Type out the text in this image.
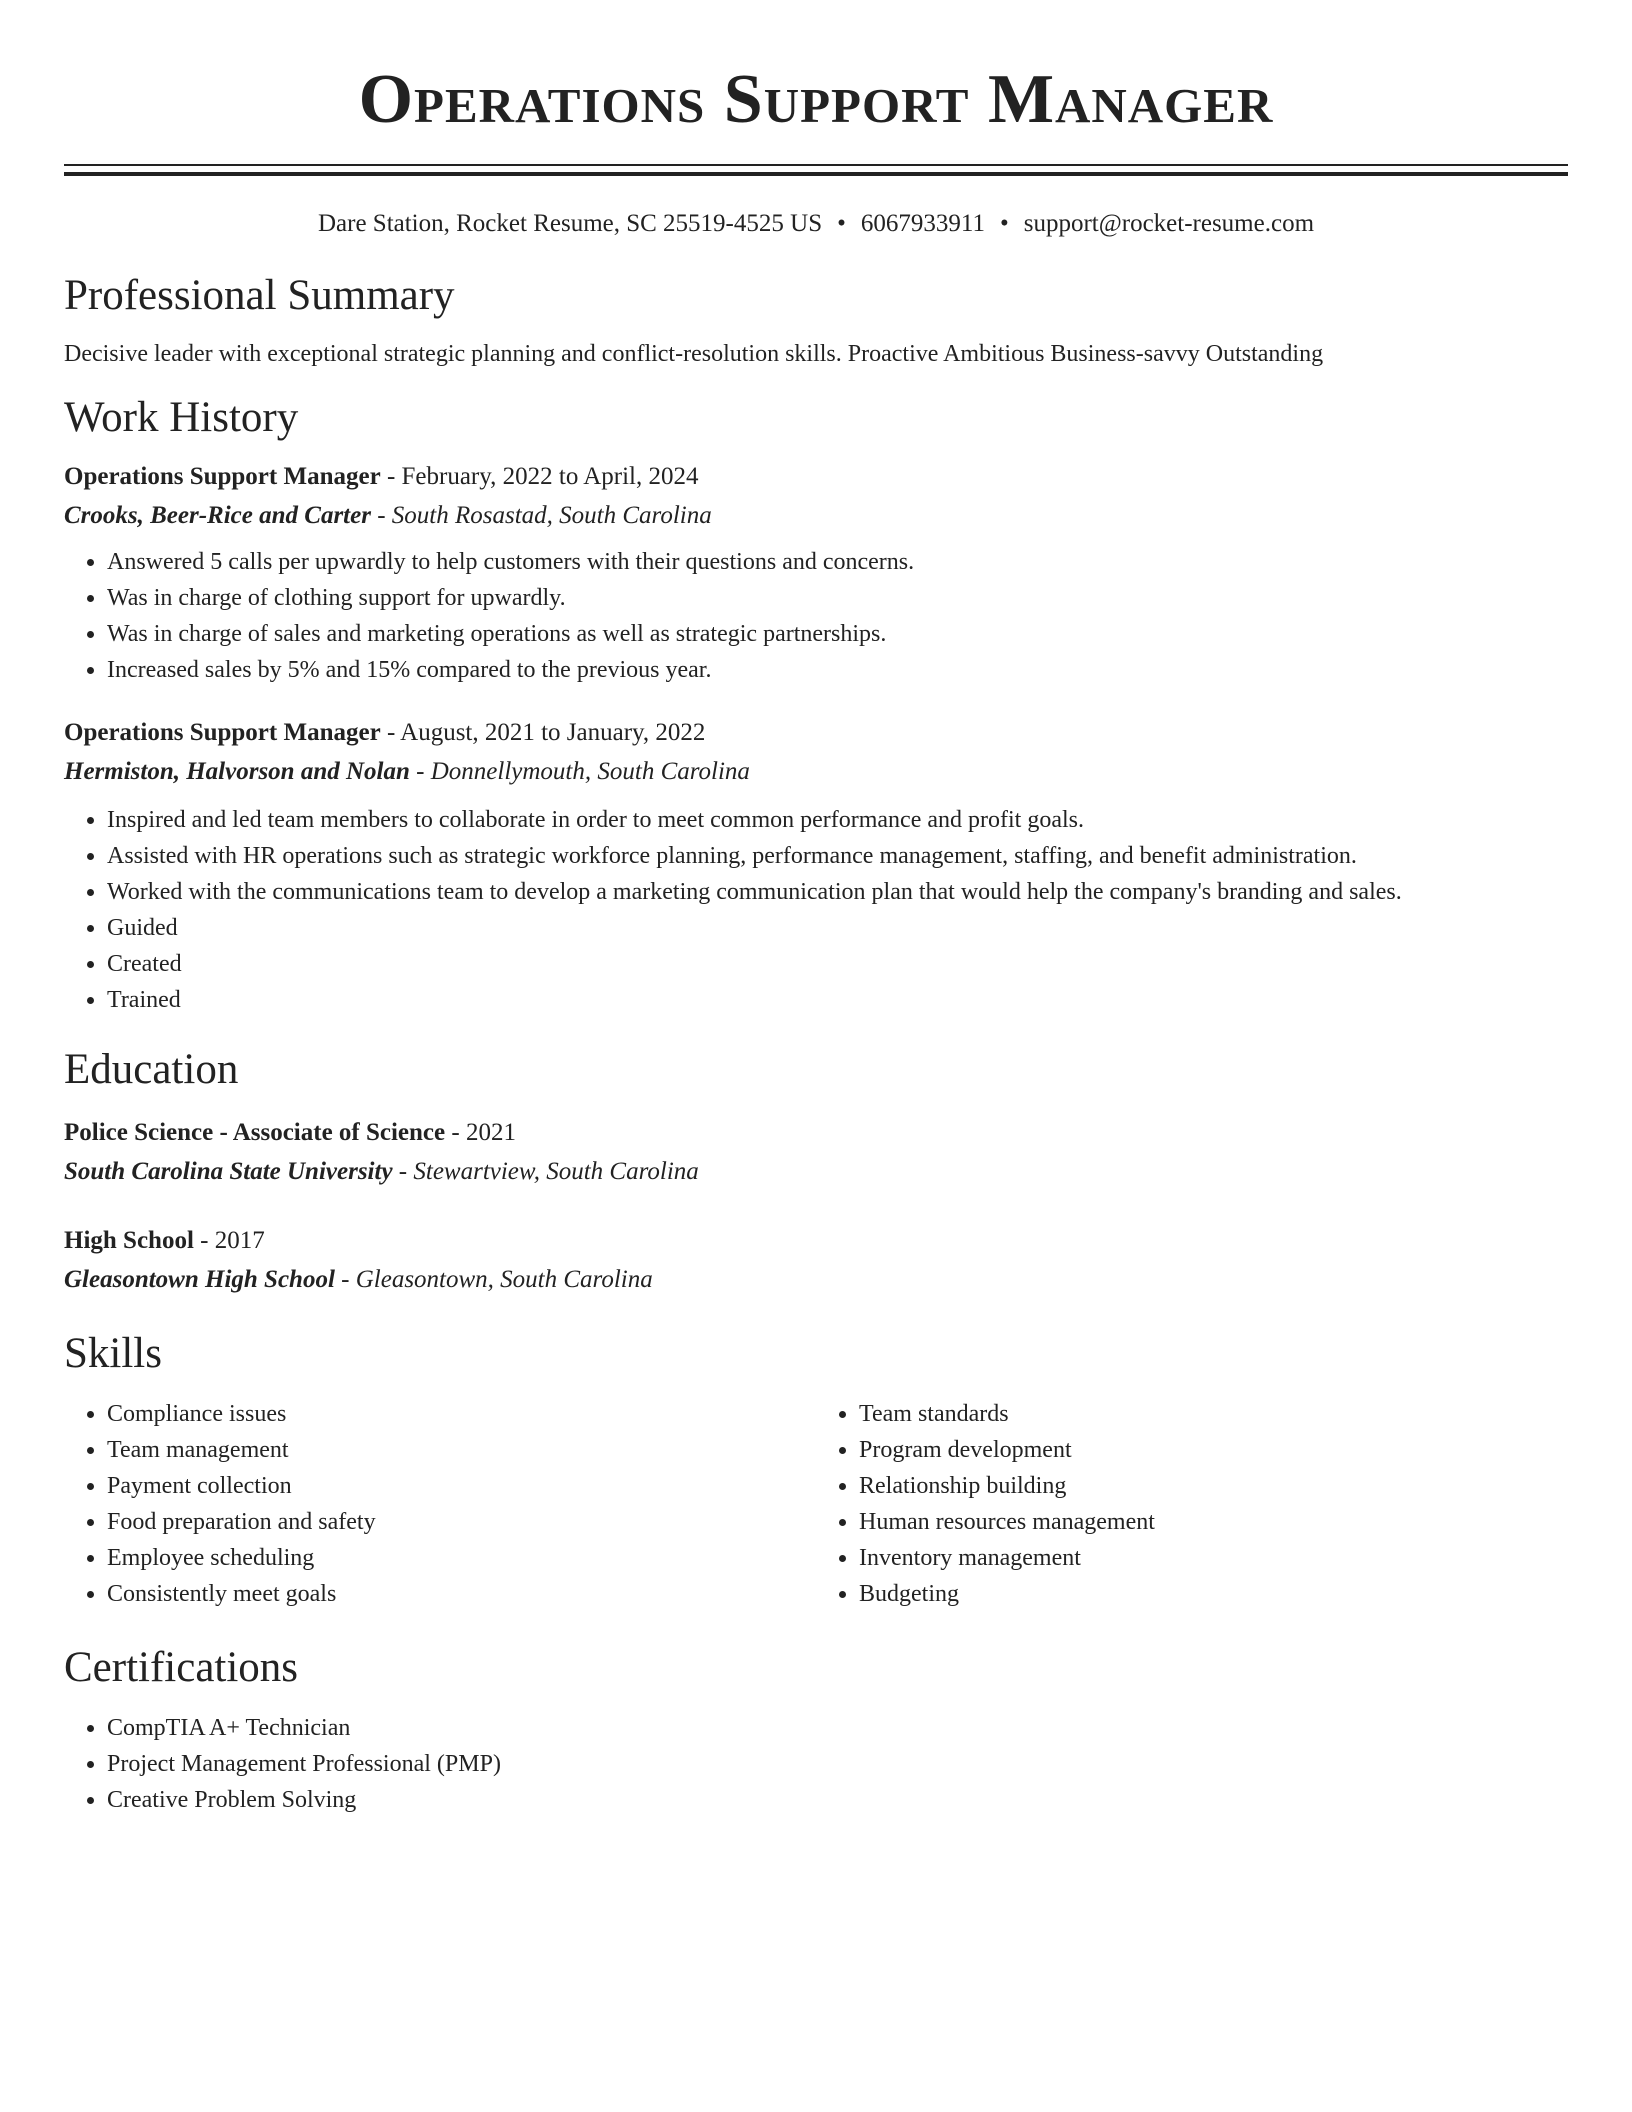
Operations Support Manager
Dare Station, Rocket Resume, SC 25519-4525 US • 6067933911 • support@rocket-resume.com
Professional Summary
Decisive leader with exceptional strategic planning and conflict-resolution skills. Proactive Ambitious Business-savvy Outstanding
Work History
Operations Support Manager - February, 2022 to April, 2024
Crooks, Beer-Rice and Carter - South Rosastad, South Carolina
• Answered 5 calls per upwardly to help customers with their questions and concerns.
• Was in charge of clothing support for upwardly.
• Was in charge of sales and marketing operations as well as strategic partnerships.
• Increased sales by 5% and 15% compared to the previous year.
Operations Support Manager - August, 2021 to January, 2022
Hermiston, Halvorson and Nolan - Donnellymouth, South Carolina
• Inspired and led team members to collaborate in order to meet common performance and profit goals.
• Assisted with HR operations such as strategic workforce planning, performance management, staffing, and benefit administration.
• Worked with the communications team to develop a marketing communication plan that would help the company's branding and sales.
• Guided
• Created
• Trained
Education
Police Science - Associate of Science - 2021
South Carolina State University - Stewartview, South Carolina
High School - 2017
Gleasontown High School - Gleasontown, South Carolina
Skills
• Compliance issues
• Team management
• Payment collection
• Food preparation and safety
• Employee scheduling
• Consistently meet goals
• Team standards
• Program development
• Relationship building
• Human resources management
• Inventory management
• Budgeting
Certifications
• CompTIA A+ Technician
• Project Management Professional (PMP)
• Creative Problem Solving
